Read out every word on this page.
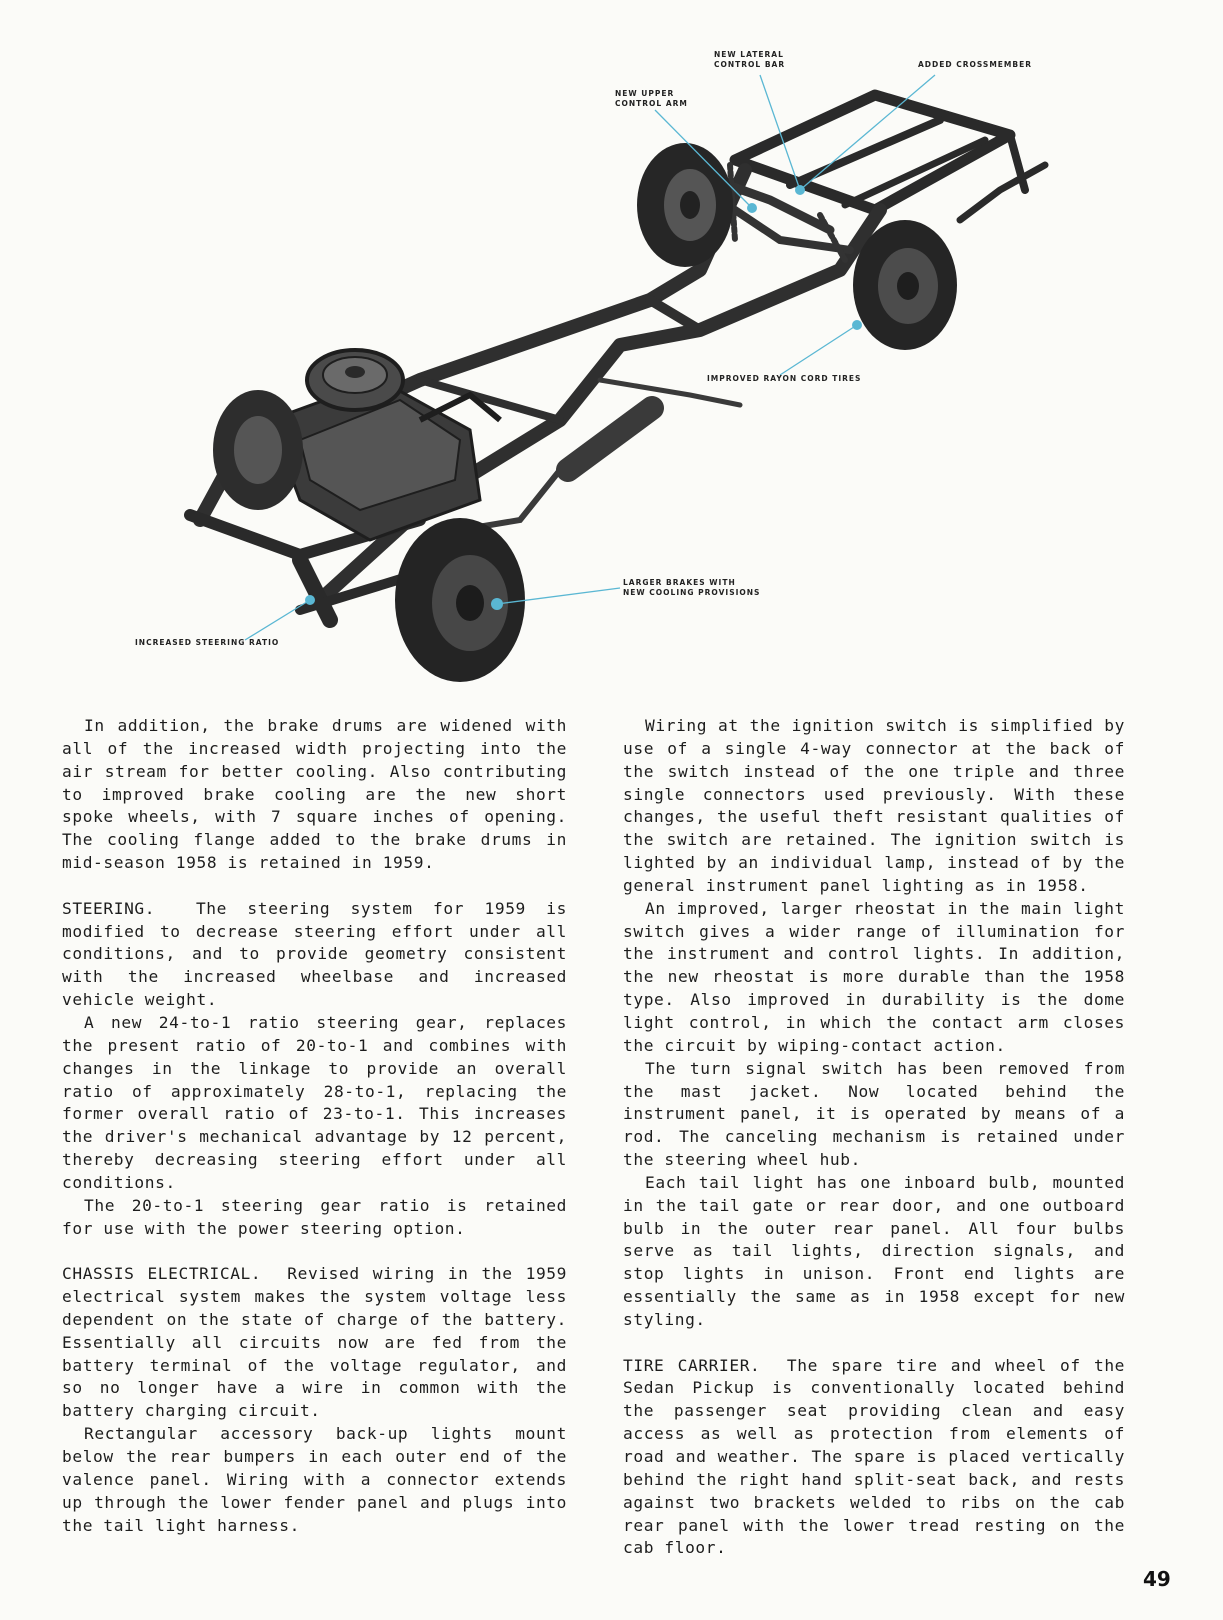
NEW LATERAL
CONTROL BAR	ADDED CROSSMEMBER
NEW UPPER
CONTROL ARM
IMPROVED RAYON CORD TIRES
LARGER BRAKES WITH
NEW COOLING PROVISIONS
INCREASED STEERING RATIO

In addition, the brake drums are widened with all of the increased width projecting into the air stream for better cooling. Also contributing to improved brake cooling are the new short spoke wheels, with 7 square inches of opening. The cooling flange added to the brake drums in mid-season 1958 is retained in 1959.

STEERING.	The steering system for 1959 is modified to decrease steering effort under all conditions, and to provide geometry consistent with the increased wheelbase and increased vehicle weight.

A new 24-to-1 ratio steering gear, replaces the present ratio of 20-to-1 and combines with changes in the linkage to provide an overall ratio of approximately 28-to-1, replacing the former overall ratio of 23-to-1. This increases the driver's mechanical advantage by 12 percent, thereby decreasing steering effort under all conditions.

The 20-to-1 steering gear ratio is retained for use with the power steering option.

CHASSIS ELECTRICAL. Revised wiring in the 1959 electrical system makes the system voltage less dependent on the state of charge of the battery. Essentially all circuits now are fed from the battery terminal of the voltage regulator, and so no longer have a wire in common with the battery charging circuit.

Rectangular accessory back-up lights mount below the rear bumpers in each outer end of the valence panel. Wiring with a connector extends up through the lower fender panel and plugs into the tail light harness.

Wiring at the ignition switch is simplified by use of a single 4-way connector at the back of the switch instead of the one triple and three single connectors used previously. With these changes, the useful theft resistant qualities of the switch are retained. The ignition switch is lighted by an individual lamp, instead of by the general instrument panel lighting as in 1958.

An improved, larger rheostat in the main light switch gives a wider range of illumination for the instrument and control lights. In addition, the new rheostat is more durable than the 1958 type. Also improved in durability is the dome light control, in which the contact arm closes the circuit by wiping-contact action.

The turn signal switch has been removed from the mast jacket. Now located behind the instrument panel, it is operated by means of a rod. The canceling mechanism is retained under the steering wheel hub.

Each tail light has one inboard bulb, mounted in the tail gate or rear door, and one outboard bulb in the outer rear panel. All four bulbs serve as tail lights, direction signals, and stop lights in unison. Front end lights are essentially the same as in 1958 except for new styling.

TIRE CARRIER. The spare tire and wheel of the Sedan Pickup is conventionally located behind the passenger seat providing clean and easy access as well as protection from elements of road and weather. The spare is placed vertically behind the right hand split-seat back, and rests against two brackets welded to ribs on the cab rear panel with the lower tread resting on the cab floor.

49
